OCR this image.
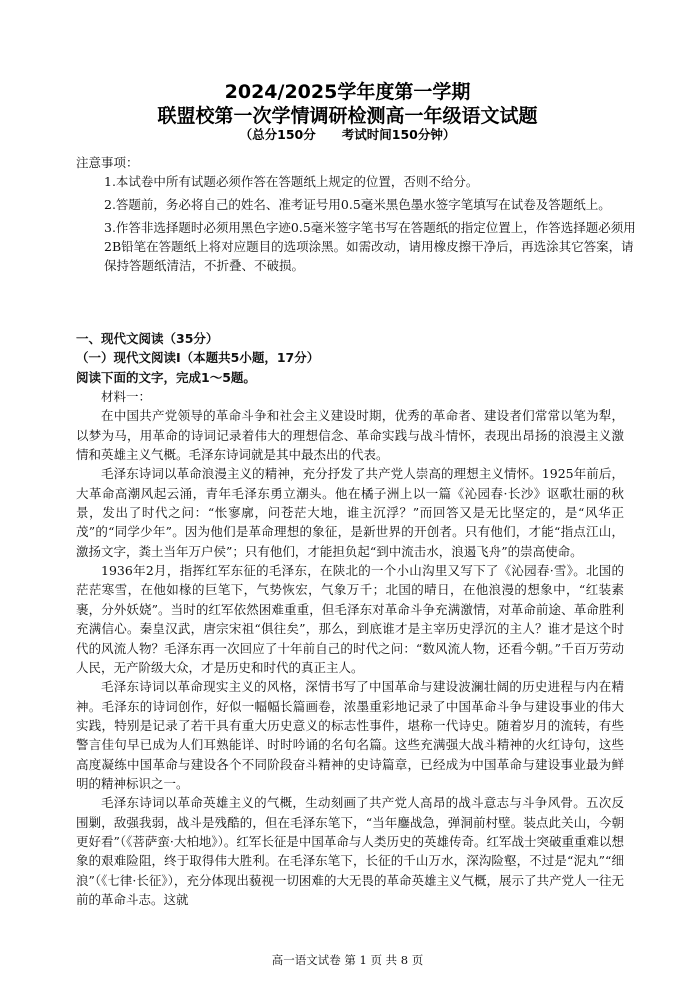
2024/2025学年度第一学期
联盟校第一次学情调研检测高一年级语文试题
（总分150分 考试时间150分钟）

注意事项：

1.本试卷中所有试题必须作答在答题纸上规定的位置，否则不给分。

2.答题前，务必将自己的姓名、准考证号用0.5毫米黑色墨水签字笔填写在试卷及答题纸上。

3.作答非选择题时必须用黑色字迹0.5毫米签字笔书写在答题纸的指定位置上，作答选择题必须用2B铅笔在答题纸上将对应题目的选项涂黑。如需改动，请用橡皮擦干净后，再选涂其它答案，请保持答题纸清洁，不折叠、不破损。

一、现代文阅读（35分）

（一）现代文阅读Ⅰ（本题共5小题，17分）

阅读下面的文字，完成1～5题。

材料一：

在中国共产党领导的革命斗争和社会主义建设时期，优秀的革命者、建设者们常常以笔为犁，以梦为马，用革命的诗词记录着伟大的理想信念、革命实践与战斗情怀，表现出昂扬的浪漫主义激情和英雄主义气概。毛泽东诗词就是其中最杰出的代表。

毛泽东诗词以革命浪漫主义的精神，充分抒发了共产党人崇高的理想主义情怀。1925年前后，大革命高潮风起云涌，青年毛泽东勇立潮头。他在橘子洲上以一篇《沁园春·长沙》讴歌壮丽的秋景，发出了时代之问：“怅寥廓，问苍茫大地，谁主沉浮？”而回答又是无比坚定的，是“风华正茂”的“同学少年”。因为他们是革命理想的象征，是新世界的开创者。只有他们，才能“指点江山，激扬文字，粪土当年万户侯”；只有他们，才能担负起“到中流击水，浪遏飞舟”的崇高使命。

1936年2月，指挥红军东征的毛泽东，在陕北的一个小山沟里又写下了《沁园春·雪》。北国的茫茫寒雪，在他如椽的巨笔下，气势恢宏，气象万千；北国的晴日，在他浪漫的想象中，“红装素裹，分外妖娆”。当时的红军依然困难重重，但毛泽东对革命斗争充满激情，对革命前途、革命胜利充满信心。秦皇汉武，唐宗宋祖“俱往矣”，那么，到底谁才是主宰历史浮沉的主人？谁才是这个时代的风流人物？毛泽东再一次回应了十年前自己的时代之问：“数风流人物，还看今朝。”千百万劳动人民，无产阶级大众，才是历史和时代的真正主人。

毛泽东诗词以革命现实主义的风格，深情书写了中国革命与建设波澜壮阔的历史进程与内在精神。毛泽东的诗词创作，好似一幅幅长篇画卷，浓墨重彩地记录了中国革命斗争与建设事业的伟大实践，特别是记录了若干具有重大历史意义的标志性事件，堪称一代诗史。随着岁月的流转，有些警言佳句早已成为人们耳熟能详、时时吟诵的名句名篇。这些充满强大战斗精神的火红诗句，这些高度凝练中国革命与建设各个不同阶段奋斗精神的史诗篇章，已经成为中国革命与建设事业最为鲜明的精神标识之一。

毛泽东诗词以革命英雄主义的气概，生动刻画了共产党人高昂的战斗意志与斗争风骨。五次反围剿，敌强我弱，战斗是残酷的，但在毛泽东笔下，“当年鏖战急，弹洞前村壁。装点此关山，今朝更好看”（《菩萨蛮·大柏地》）。红军长征是中国革命与人类历史的英雄传奇。红军战士突破重重难以想象的艰难险阻，终于取得伟大胜利。在毛泽东笔下，长征的千山万水，深沟险壑，不过是“泥丸”“细浪”（《七律·长征》），充分体现出藐视一切困难的大无畏的革命英雄主义气概，展示了共产党人一往无前的革命斗志。这就

高一语文试卷 第 1 页 共 8 页
